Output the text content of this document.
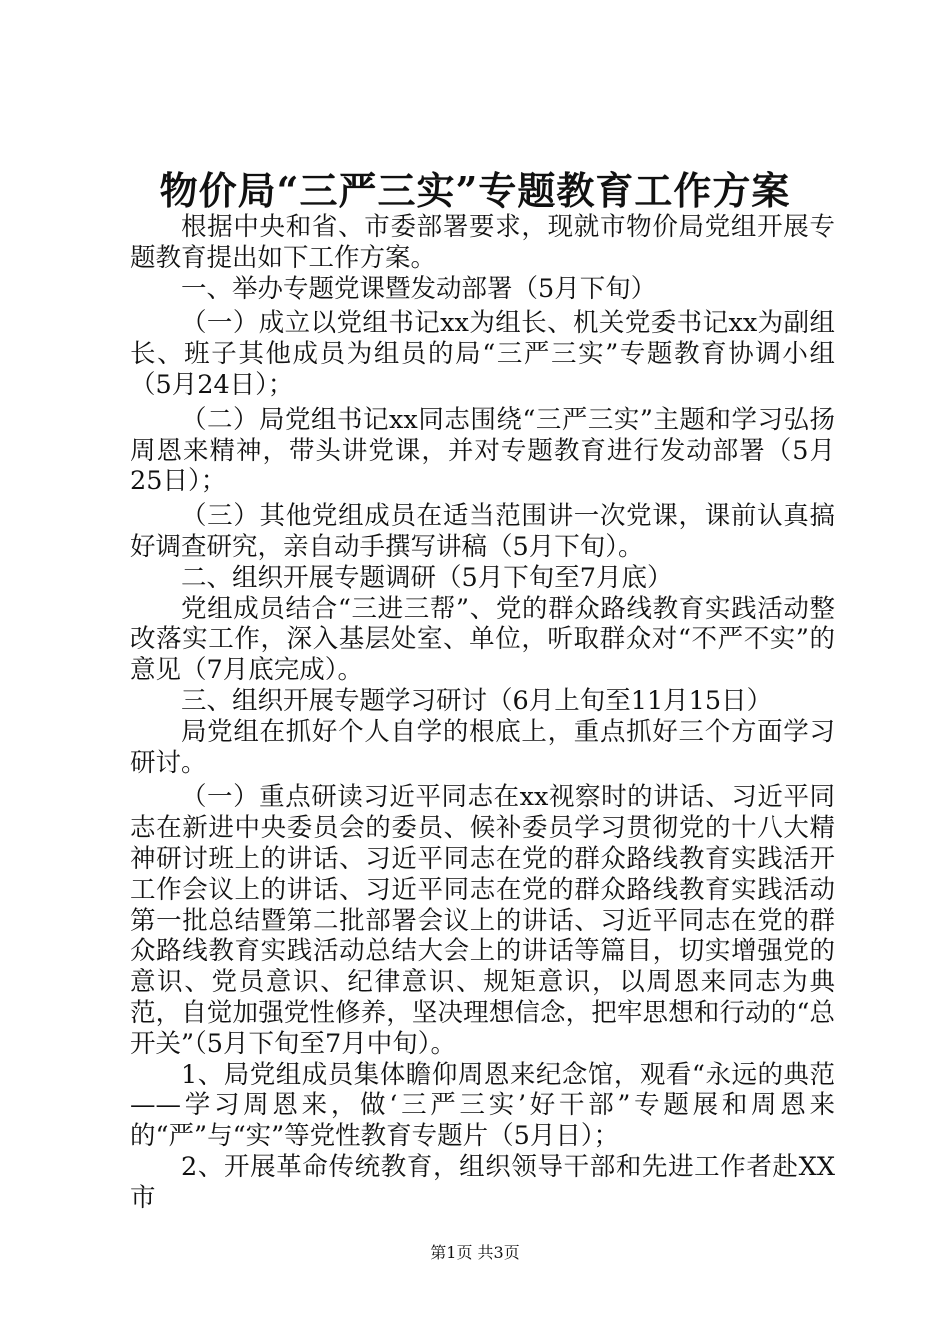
物价局“三严三实”专题教育工作方案

根据中央和省、市委部署要求，现就市物价局党组开展专题教育提出如下工作方案。

一、举办专题党课暨发动部署（5月下旬）

（一）成立以党组书记xx为组长、机关党委书记xx为副组长、班子其他成员为组员的局“三严三实”专题教育协调小组（5月24日）；

（二）局党组书记xx同志围绕“三严三实”主题和学习弘扬周恩来精神，带头讲党课，并对专题教育进行发动部署（5月25日）；

（三）其他党组成员在适当范围讲一次党课，课前认真搞好调查研究，亲自动手撰写讲稿（5月下旬）。

二、组织开展专题调研（5月下旬至7月底）

党组成员结合“三进三帮”、党的群众路线教育实践活动整改落实工作，深入基层处室、单位，听取群众对“不严不实”的意见（7月底完成）。

三、组织开展专题学习研讨（6月上旬至11月15日）

局党组在抓好个人自学的根底上，重点抓好三个方面学习研讨。

（一）重点研读习近平同志在xx视察时的讲话、习近平同志在新进中央委员会的委员、候补委员学习贯彻党的十八大精神研讨班上的讲话、习近平同志在党的群众路线教育实践活开工作会议上的讲话、习近平同志在党的群众路线教育实践活动第一批总结暨第二批部署会议上的讲话、习近平同志在党的群众路线教育实践活动总结大会上的讲话等篇目，切实增强党的意识、党员意识、纪律意识、规矩意识，以周恩来同志为典范，自觉加强党性修养，坚决理想信念，把牢思想和行动的“总开关”（5月下旬至7月中旬）。

1、局党组成员集体瞻仰周恩来纪念馆，观看“永远的典范——学习周恩来，做‘三严三实’好干部”专题展和周恩来的“严”与“实”等党性教育专题片（5月日）；

2、开展革命传统教育，组织领导干部和先进工作者赴XX市

第1页 共3页
